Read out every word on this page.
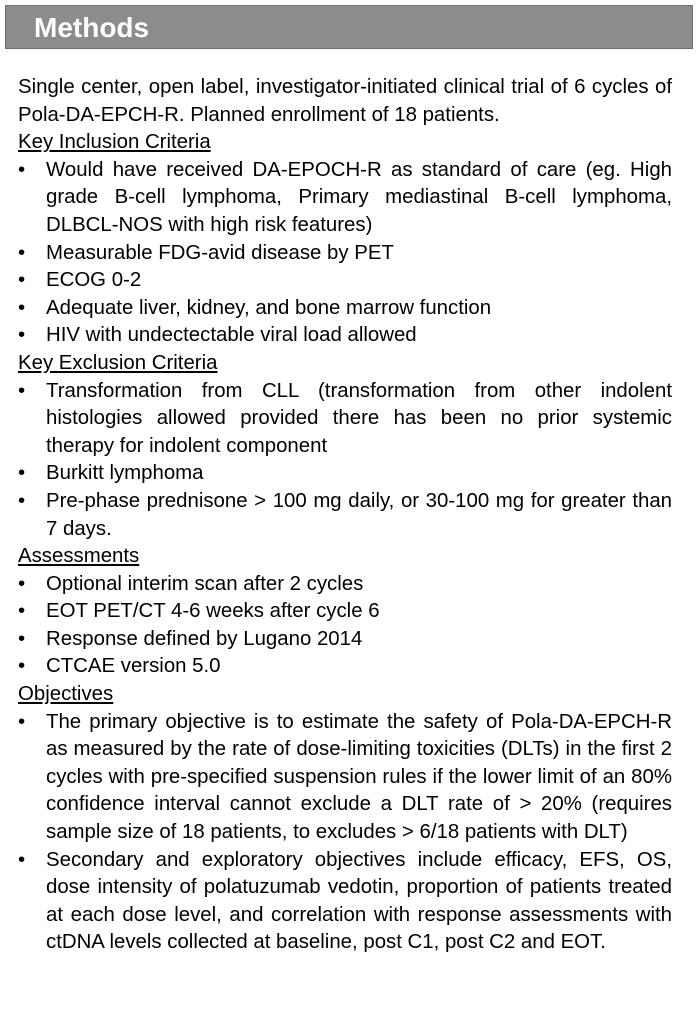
Methods

Single center, open label, investigator-initiated clinical trial of 6 cycles of Pola-DA-EPCH-R. Planned enrollment of 18 patients.

Key Inclusion Criteria
• Would have received DA-EPOCH-R as standard of care (eg. High grade B-cell lymphoma, Primary mediastinal B-cell lymphoma, DLBCL-NOS with high risk features)
• Measurable FDG-avid disease by PET
• ECOG 0-2
• Adequate liver, kidney, and bone marrow function
• HIV with undectectable viral load allowed
Key Exclusion Criteria
• Transformation from CLL (transformation from other indolent histologies allowed provided there has been no prior systemic therapy for indolent component
• Burkitt lymphoma
• Pre-phase prednisone > 100 mg daily, or 30-100 mg for greater than 7 days.
Assessments
• Optional interim scan after 2 cycles
• EOT PET/CT 4-6 weeks after cycle 6
• Response defined by Lugano 2014
• CTCAE version 5.0
Objectives
• The primary objective is to estimate the safety of Pola-DA-EPCH-R as measured by the rate of dose-limiting toxicities (DLTs) in the first 2 cycles with pre-specified suspension rules if the lower limit of an 80% confidence interval cannot exclude a DLT rate of > 20% (requires sample size of 18 patients, to excludes > 6/18 patients with DLT)
• Secondary and exploratory objectives include efficacy, EFS, OS, dose intensity of polatuzumab vedotin, proportion of patients treated at each dose level, and correlation with response assessments with ctDNA levels collected at baseline, post C1, post C2 and EOT.
